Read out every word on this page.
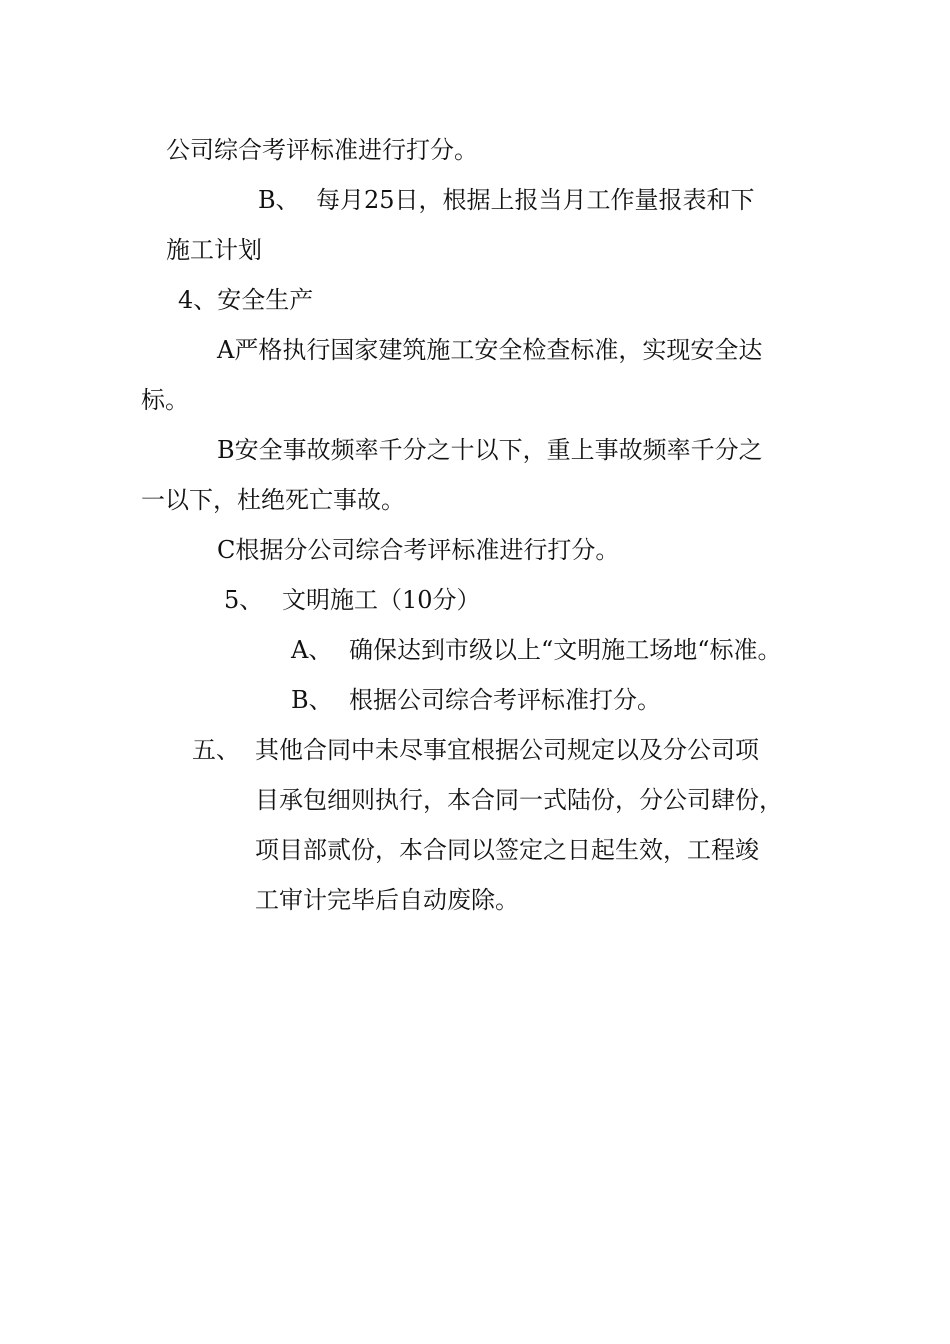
公司综合考评标准进行打分。
B、 每月25日，根据上报当月工作量报表和下
施工计划
4、安全生产
A严格执行国家建筑施工安全检查标准，实现安全达
标。
B安全事故频率千分之十以下，重上事故频率千分之
一以下，杜绝死亡事故。
C根据分公司综合考评标准进行打分。
5、 文明施工（10分）
A、 确保达到市级以上“文明施工场地“标准。
B、 根据公司综合考评标准打分。
五、 其他合同中未尽事宜根据公司规定以及分公司项
目承包细则执行，本合同一式陆份，分公司肆份，
项目部贰份，本合同以签定之日起生效，工程竣
工审计完毕后自动废除。
